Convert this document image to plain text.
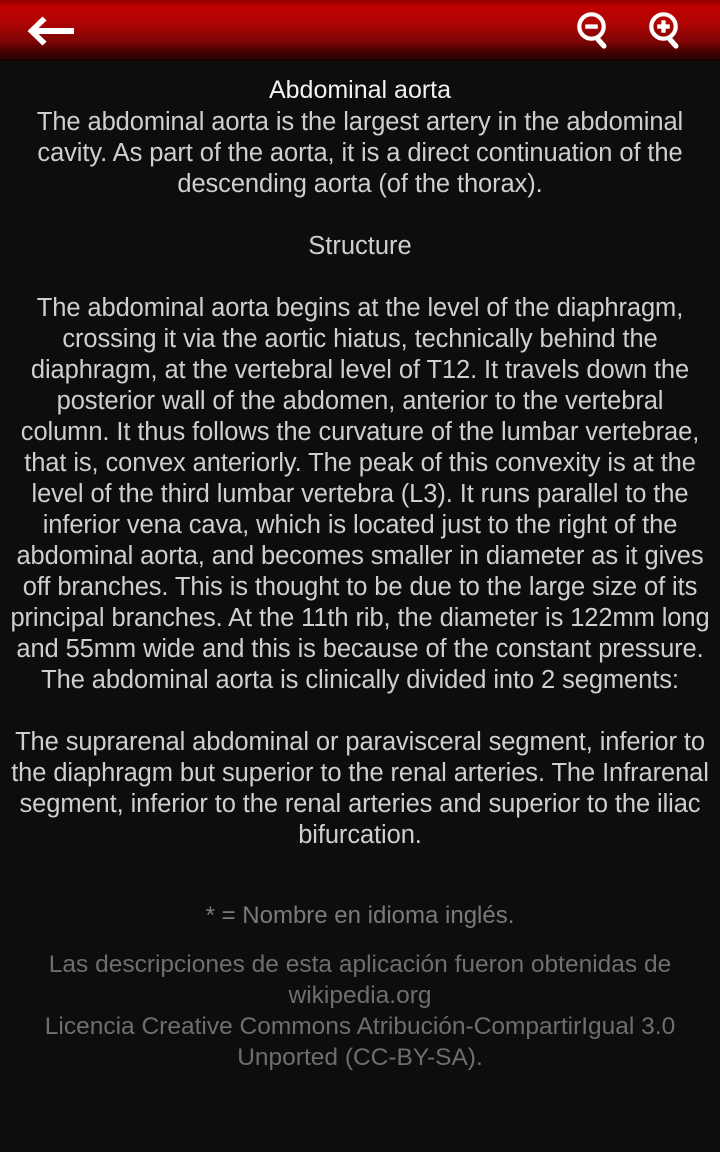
Abdominal aorta

The abdominal aorta is the largest artery in the abdominal cavity. As part of the aorta, it is a direct continuation of the descending aorta (of the thorax).

Structure

The abdominal aorta begins at the level of the diaphragm, crossing it via the aortic hiatus, technically behind the diaphragm, at the vertebral level of T12. It travels down the posterior wall of the abdomen, anterior to the vertebral column. It thus follows the curvature of the lumbar vertebrae, that is, convex anteriorly. The peak of this convexity is at the level of the third lumbar vertebra (L3). It runs parallel to the inferior vena cava, which is located just to the right of the abdominal aorta, and becomes smaller in diameter as it gives off branches. This is thought to be due to the large size of its principal branches. At the 11th rib, the diameter is 122mm long and 55mm wide and this is because of the constant pressure. The abdominal aorta is clinically divided into 2 segments:

The suprarenal abdominal or paravisceral segment, inferior to the diaphragm but superior to the renal arteries. The Infrarenal segment, inferior to the renal arteries and superior to the iliac bifurcation.

* = Nombre en idioma inglés.

Las descripciones de esta aplicación fueron obtenidas de wikipedia.org

Licencia Creative Commons Atribución-CompartirIgual 3.0 Unported (CC-BY-SA).
